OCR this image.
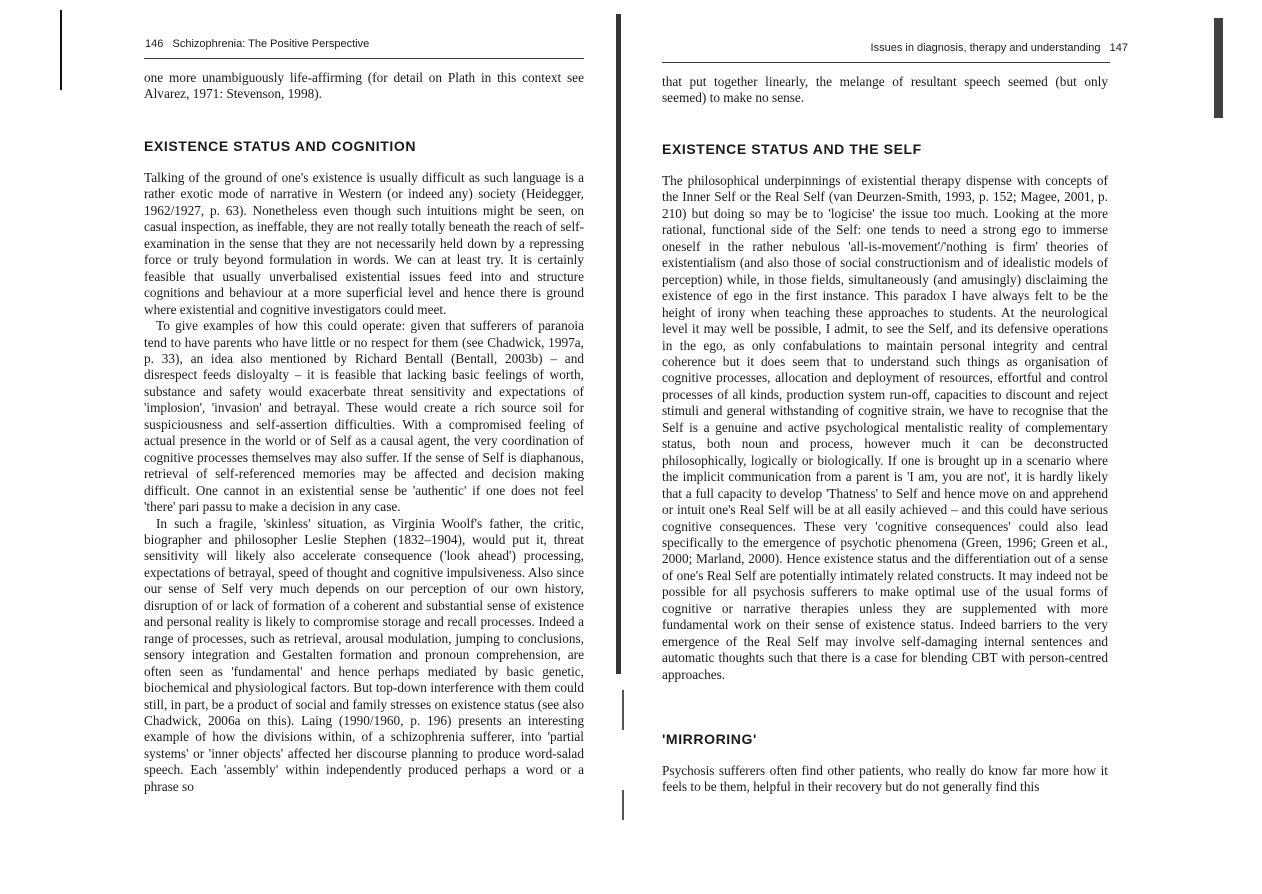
146 Schizophrenia: The Positive Perspective

one more unambiguously life-affirming (for detail on Plath in this context see Alvarez, 1971: Stevenson, 1998).

EXISTENCE STATUS AND COGNITION

Talking of the ground of one's existence is usually difficult as such language is a rather exotic mode of narrative in Western (or indeed any) society (Heidegger, 1962/1927, p. 63). Nonetheless even though such intuitions might be seen, on casual inspection, as ineffable, they are not really totally beneath the reach of self-examination in the sense that they are not necessarily held down by a repressing force or truly beyond formulation in words. We can at least try. It is certainly feasible that usually unverbalised existential issues feed into and structure cognitions and behaviour at a more superficial level and hence there is ground where existential and cognitive investigators could meet.

To give examples of how this could operate: given that sufferers of paranoia tend to have parents who have little or no respect for them (see Chadwick, 1997a, p. 33), an idea also mentioned by Richard Bentall (Bentall, 2003b) – and disrespect feeds disloyalty – it is feasible that lacking basic feelings of worth, substance and safety would exacerbate threat sensitivity and expectations of 'implosion', 'invasion' and betrayal. These would create a rich source soil for suspiciousness and self-assertion difficulties. With a compromised feeling of actual presence in the world or of Self as a causal agent, the very coordination of cognitive processes themselves may also suffer. If the sense of Self is diaphanous, retrieval of self-referenced memories may be affected and decision making difficult. One cannot in an existential sense be 'authentic' if one does not feel 'there' pari passu to make a decision in any case.

In such a fragile, 'skinless' situation, as Virginia Woolf's father, the critic, biographer and philosopher Leslie Stephen (1832–1904), would put it, threat sensitivity will likely also accelerate consequence ('look ahead') processing, expectations of betrayal, speed of thought and cognitive impulsiveness. Also since our sense of Self very much depends on our perception of our own history, disruption of or lack of formation of a coherent and substantial sense of existence and personal reality is likely to compromise storage and recall processes. Indeed a range of processes, such as retrieval, arousal modulation, jumping to conclusions, sensory integration and Gestalten formation and pronoun comprehension, are often seen as 'fundamental' and hence perhaps mediated by basic genetic, biochemical and physiological factors. But top-down interference with them could still, in part, be a product of social and family stresses on existence status (see also Chadwick, 2006a on this). Laing (1990/1960, p. 196) presents an interesting example of how the divisions within, of a schizophrenia sufferer, into 'partial systems' or 'inner objects' affected her discourse planning to produce word-salad speech. Each 'assembly' within independently produced perhaps a word or a phrase so

Issues in diagnosis, therapy and understanding 147

that put together linearly, the melange of resultant speech seemed (but only seemed) to make no sense.

EXISTENCE STATUS AND THE SELF

The philosophical underpinnings of existential therapy dispense with concepts of the Inner Self or the Real Self (van Deurzen-Smith, 1993, p. 152; Magee, 2001, p. 210) but doing so may be to 'logicise' the issue too much. Looking at the more rational, functional side of the Self: one tends to need a strong ego to immerse oneself in the rather nebulous 'all-is-movement'/'nothing is firm' theories of existentialism (and also those of social constructionism and of idealistic models of perception) while, in those fields, simultaneously (and amusingly) disclaiming the existence of ego in the first instance. This paradox I have always felt to be the height of irony when teaching these approaches to students. At the neurological level it may well be possible, I admit, to see the Self, and its defensive operations in the ego, as only confabulations to maintain personal integrity and central coherence but it does seem that to understand such things as organisation of cognitive processes, allocation and deployment of resources, effortful and control processes of all kinds, production system run-off, capacities to discount and reject stimuli and general withstanding of cognitive strain, we have to recognise that the Self is a genuine and active psychological mentalistic reality of complementary status, both noun and process, however much it can be deconstructed philosophically, logically or biologically. If one is brought up in a scenario where the implicit communication from a parent is 'I am, you are not', it is hardly likely that a full capacity to develop 'Thatness' to Self and hence move on and apprehend or intuit one's Real Self will be at all easily achieved – and this could have serious cognitive consequences. These very 'cognitive consequences' could also lead specifically to the emergence of psychotic phenomena (Green, 1996; Green et al., 2000; Marland, 2000). Hence existence status and the differentiation out of a sense of one's Real Self are potentially intimately related constructs. It may indeed not be possible for all psychosis sufferers to make optimal use of the usual forms of cognitive or narrative therapies unless they are supplemented with more fundamental work on their sense of existence status. Indeed barriers to the very emergence of the Real Self may involve self-damaging internal sentences and automatic thoughts such that there is a case for blending CBT with person-centred approaches.

'MIRRORING'

Psychosis sufferers often find other patients, who really do know far more how it feels to be them, helpful in their recovery but do not generally find this
